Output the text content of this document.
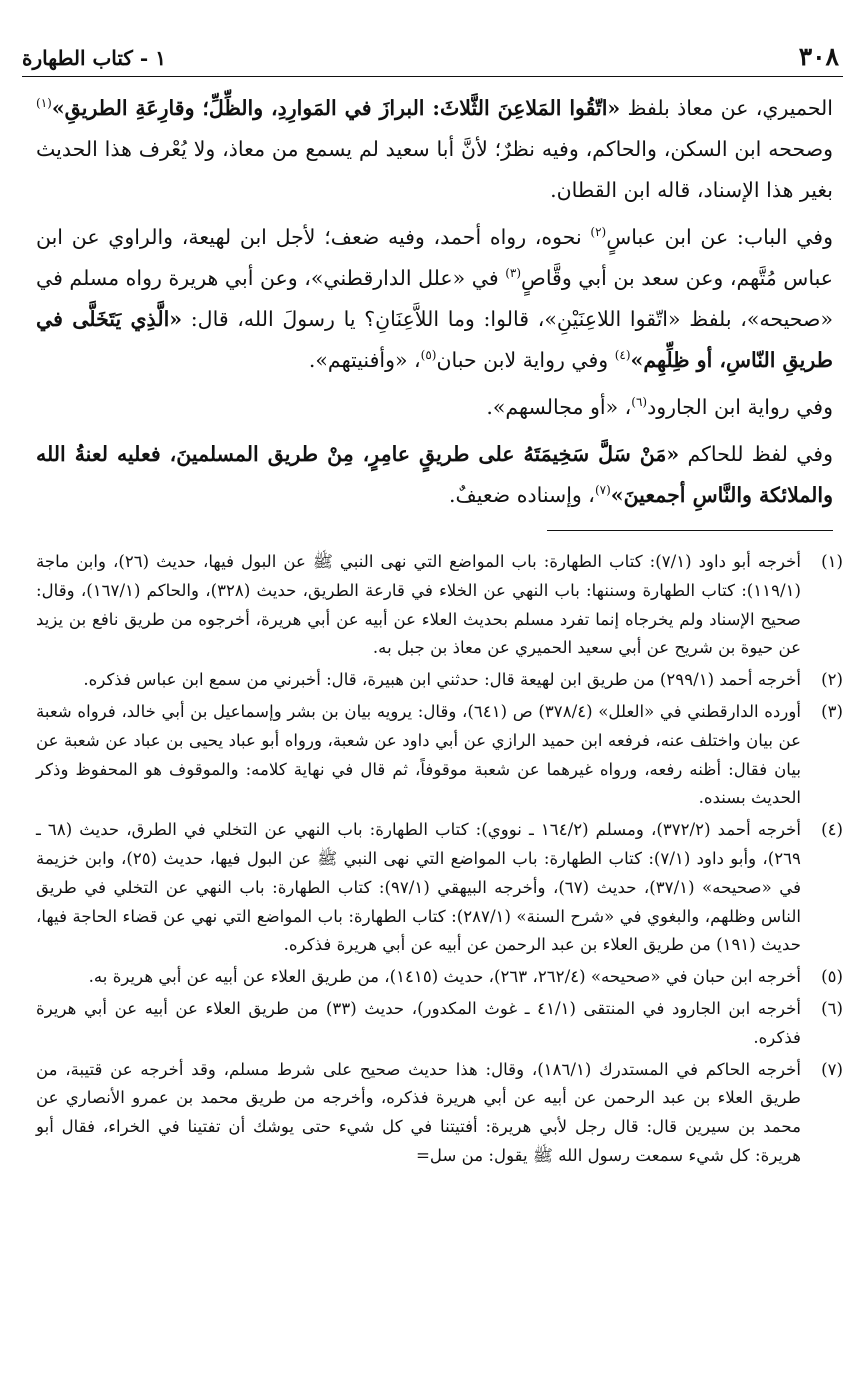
٣٠٨
١ - كتاب الطهارة

الحميري، عن معاذ بلفظ «اتّقُوا المَلاعِنَ الثَّلاثَ: البرازَ في المَوارِدِ، والظِّلِّ؛ وقارِعَةِ الطريقِ»$^{(١)}$ وصححه ابن السكن، والحاكم، وفيه نظرٌ؛ لأنَّ أبا سعيد لم يسمع من معاذ، ولا يُعْرف هذا الحديث بغير هذا الإسناد، قاله ابن القطان.

وفي الباب: عن ابن عباسٍ$^{(٢)}$ نحوه، رواه أحمد، وفيه ضعف؛ لأجل ابن لهيعة، والراوي عن ابن عباس مُتَّهم، وعن سعد بن أبي وقَّاصٍ$^{(٣)}$ في «علل الدارقطني»، وعن أبي هريرة رواه مسلم في «صحيحه»، بلفظ «اتّقوا اللاعِنَيْنِ»، قالوا: وما اللاَّعِنَانِ؟ يا رسولَ الله، قال: «الَّذِي يَتَخَلَّى في طريقِ النّاسِ، أو ظِلِّهِم»$^{(٤)}$ وفي رواية لابن حبان$^{(٥)}$، «وأفنيتهم».

وفي رواية ابن الجارود$^{(٦)}$، «أو مجالسهم».

وفي لفظ للحاكم «مَنْ سَلَّ سَخِيمَتَهُ على طريقٍ عامِرٍ، مِنْ طريق المسلمينَ، فعليه لعنةُ الله والملائكة والنَّاسِ أجمعينَ»$^{(٧)}$، وإسناده ضعيفٌ.

(١)
أخرجه أبو داود (٧/١): كتاب الطهارة: باب المواضع التي نهى النبي ﷺ عن البول فيها، حديث (٢٦)، وابن ماجة (١١٩/١): كتاب الطهارة وسننها: باب النهي عن الخلاء في قارعة الطريق، حديث (٣٢٨)، والحاكم (١٦٧/١)، وقال: صحيح الإسناد ولم يخرجاه إنما تفرد مسلم بحديث العلاء عن أبيه عن أبي هريرة، أخرجوه من طريق نافع بن يزيد عن حيوة بن شريح عن أبي سعيد الحميري عن معاذ بن جبل به.
(٢)
أخرجه أحمد (٢٩٩/١) من طريق ابن لهيعة قال: حدثني ابن هبيرة، قال: أخبرني من سمع ابن عباس فذكره.
(٣)
أورده الدارقطني في «العلل» (٣٧٨/٤) ص (٦٤١)، وقال: يرويه بيان بن بشر وإسماعيل بن أبي خالد، فرواه شعبة عن بيان واختلف عنه، فرفعه ابن حميد الرازي عن أبي داود عن شعبة، ورواه أبو عباد يحيى بن عباد عن شعبة عن بيان فقال: أظنه رفعه، ورواه غيرهما عن شعبة موقوفاً، ثم قال في نهاية كلامه: والموقوف هو المحفوظ وذكر الحديث بسنده.
(٤)
أخرجه أحمد (٣٧٢/٢)، ومسلم (١٦٤/٢ ـ نووي): كتاب الطهارة: باب النهي عن التخلي في الطرق، حديث (٦٨ ـ ٢٦٩)، وأبو داود (٧/١): كتاب الطهارة: باب المواضع التي نهى النبي ﷺ عن البول فيها، حديث (٢٥)، وابن خزيمة في «صحيحه» (٣٧/١)، حديث (٦٧)، وأخرجه البيهقي (٩٧/١): كتاب الطهارة: باب النهي عن التخلي في طريق الناس وظلهم، والبغوي في «شرح السنة» (٢٨٧/١): كتاب الطهارة: باب المواضع التي نهي عن قضاء الحاجة فيها، حديث (١٩١) من طريق العلاء بن عبد الرحمن عن أبيه عن أبي هريرة فذكره.
(٥)
أخرجه ابن حبان في «صحيحه» (٢٦٢/٤، ٢٦٣)، حديث (١٤١٥)، من طريق العلاء عن أبيه عن أبي هريرة به.
(٦)
أخرجه ابن الجارود في المنتقى (٤١/١ ـ غوث المكدور)، حديث (٣٣) من طريق العلاء عن أبيه عن أبي هريرة فذكره.
(٧)
أخرجه الحاكم في المستدرك (١٨٦/١)، وقال: هذا حديث صحيح على شرط مسلم، وقد أخرجه عن قتيبة، من طريق العلاء بن عبد الرحمن عن أبيه عن أبي هريرة فذكره، وأخرجه من طريق محمد بن عمرو الأنصاري عن محمد بن سيرين قال: قال رجل لأبي هريرة: أفتيتنا في كل شيء حتى يوشك أن تفتينا في الخراء، فقال أبو هريرة: كل شيء سمعت رسول الله ﷺ يقول: من سل=
